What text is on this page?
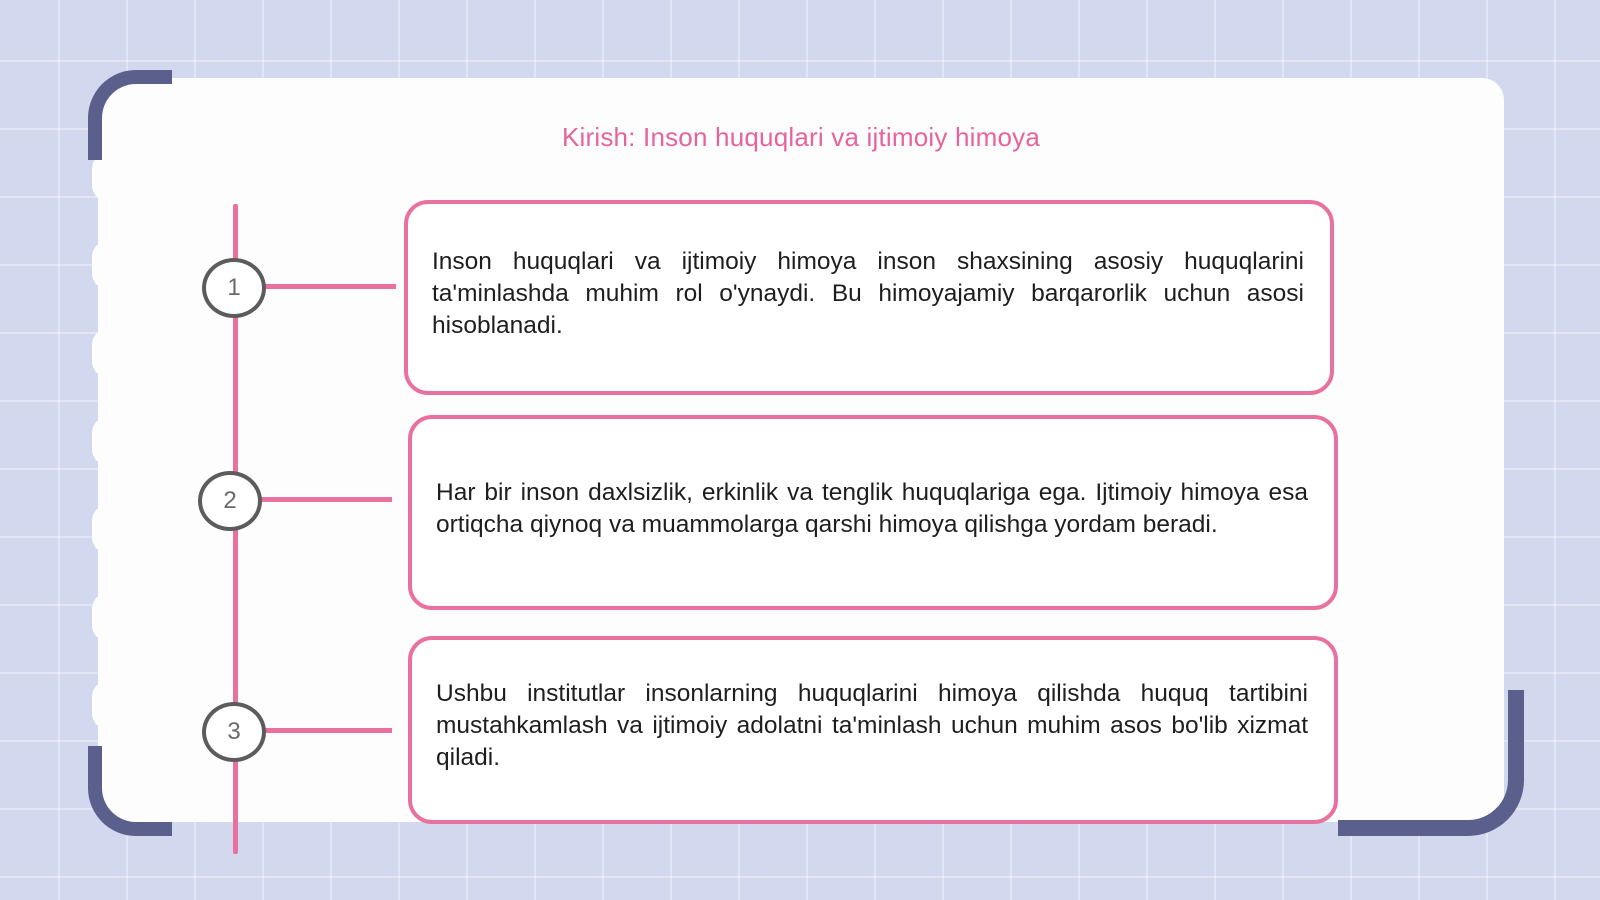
Kirish: Inson huquqlari va ijtimoiy himoya
1
Inson huquqlari va ijtimoiy himoya inson shaxsining asosiy huquqlarini ta'minlashda muhim rol o'ynaydi. Bu himoyajamiy barqarorlik uchun asosi hisoblanadi.
2	Har bir inson daxlsizlik, erkinlik va tenglik huquqlariga ega. Ijtimoiy himoya esa ortiqcha qiynoq va muammolarga qarshi himoya qilishga yordam beradi.
3
Ushbu institutlar insonlarning huquqlarini himoya qilishda huquq tartibini mustahkamlash va ijtimoiy adolatni ta'minlash uchun muhim asos bo'lib xizmat qiladi.
